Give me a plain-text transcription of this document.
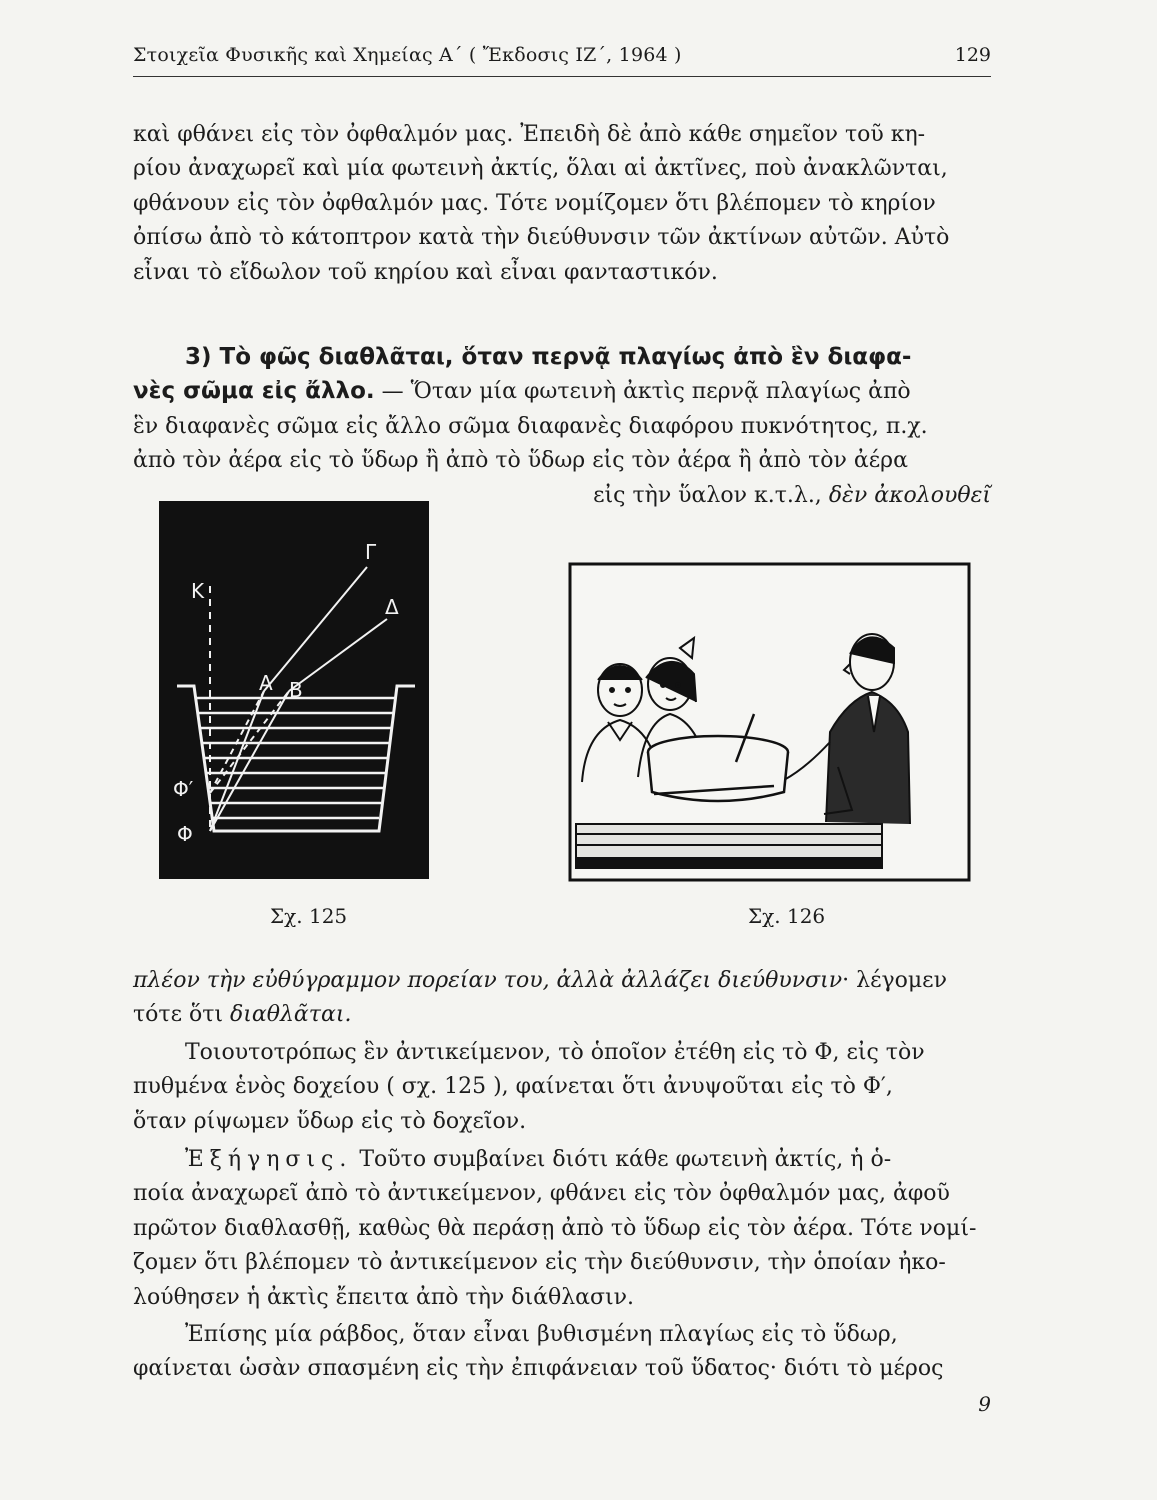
Στοιχεῖα Φυσικῆς καὶ Χημείας Α΄ ( Ἔκδοσις ΙΖ΄, 1964 )	129
καὶ φθάνει εἰς τὸν ὀφθαλμόν μας. Ἐπειδὴ δὲ ἀπὸ κάθε σημεῖον τοῦ κη-
ρίου ἀναχωρεῖ καὶ μία φωτεινὴ ἀκτίς, ὅλαι αἱ ἀκτῖνες, ποὺ ἀνακλῶνται,
φθάνουν εἰς τὸν ὀφθαλμόν μας. Τότε νομίζομεν ὅτι βλέπομεν τὸ κηρίον
ὀπίσω ἀπὸ τὸ κάτοπτρον κατὰ τὴν διεύθυνσιν τῶν ἀκτίνων αὐτῶν. Αὐτὸ
εἶναι τὸ εἴδωλον τοῦ κηρίου καὶ εἶναι φανταστικόν.
3) Τὸ φῶς διαθλᾶται, ὅταν περνᾷ πλαγίως ἀπὸ ἓν διαφα-
νὲς σῶμα εἰς ἄλλο. — Ὅταν μία φωτεινὴ ἀκτὶς περνᾷ πλαγίως ἀπὸ
ἓν διαφανὲς σῶμα εἰς ἄλλο σῶμα διαφανὲς διαφόρου πυκνότητος, π.χ.
ἀπὸ τὸν ἀέρα εἰς τὸ ὕδωρ ἢ ἀπὸ τὸ ὕδωρ εἰς τὸν ἀέρα ἢ ἀπὸ τὸν ἀέρα
εἰς τὴν ὕαλον κ.τ.λ., δὲν ἀκολουθεῖ
Γ
Δ
K
Α B
Φ′
Φ
Σχ. 125	Σχ. 126
πλέον τὴν εὐθύγραμμον πορείαν του, ἀλλὰ ἀλλάζει διεύθυνσιν· λέγομεν
τότε ὅτι διαθλᾶται.
Τοιουτοτρόπως ἓν ἀντικείμενον, τὸ ὁποῖον ἐτέθη εἰς τὸ Φ, εἰς τὸν
πυθμένα ἑνὸς δοχείου ( σχ. 125 ), φαίνεται ὅτι ἀνυψοῦται εἰς τὸ Φ′,
ὅταν ρίψωμεν ὕδωρ εἰς τὸ δοχεῖον.
Ἐξήγησις. Τοῦτο συμβαίνει διότι κάθε φωτεινὴ ἀκτίς, ἡ ὁ-
ποία ἀναχωρεῖ ἀπὸ τὸ ἀντικείμενον, φθάνει εἰς τὸν ὀφθαλμόν μας, ἀφοῦ
πρῶτον διαθλασθῇ, καθὼς θὰ περάσῃ ἀπὸ τὸ ὕδωρ εἰς τὸν ἀέρα. Τότε νομί-
ζομεν ὅτι βλέπομεν τὸ ἀντικείμενον εἰς τὴν διεύθυνσιν, τὴν ὁποίαν ἠκο-
λούθησεν ἡ ἀκτὶς ἔπειτα ἀπὸ τὴν διάθλασιν.
Ἐπίσης μία ράβδος, ὅταν εἶναι βυθισμένη πλαγίως εἰς τὸ ὕδωρ,
φαίνεται ὡσὰν σπασμένη εἰς τὴν ἐπιφάνειαν τοῦ ὕδατος· διότι τὸ μέρος
9
